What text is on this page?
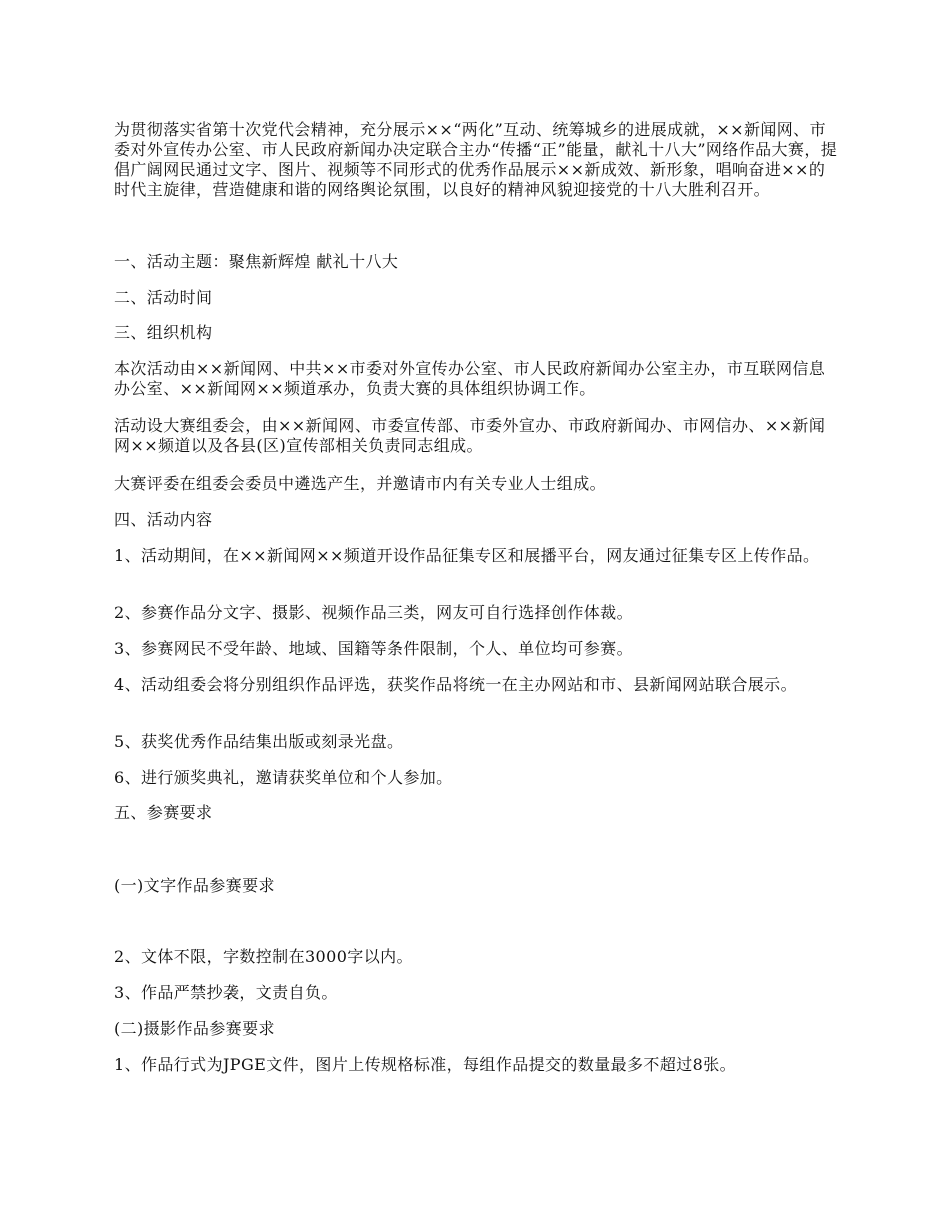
为贯彻落实省第十次党代会精神，充分展示××“两化”互动、统筹城乡的进展成就，××新闻网、市委对外宣传办公室、市人民政府新闻办决定联合主办“传播“正”能量，献礼十八大”网络作品大赛，提倡广阔网民通过文字、图片、视频等不同形式的优秀作品展示××新成效、新形象，唱响奋进××的时代主旋律，营造健康和谐的网络舆论氛围，以良好的精神风貌迎接党的十八大胜利召开。

一、活动主题：聚焦新辉煌 献礼十八大

二、活动时间

三、组织机构

本次活动由××新闻网、中共××市委对外宣传办公室、市人民政府新闻办公室主办，市互联网信息办公室、××新闻网××频道承办，负责大赛的具体组织协调工作。

活动设大赛组委会，由××新闻网、市委宣传部、市委外宣办、市政府新闻办、市网信办、××新闻网××频道以及各县(区)宣传部相关负责同志组成。

大赛评委在组委会委员中遴选产生，并邀请市内有关专业人士组成。

四、活动内容

1、活动期间，在××新闻网××频道开设作品征集专区和展播平台，网友通过征集专区上传作品。

2、参赛作品分文字、摄影、视频作品三类，网友可自行选择创作体裁。

3、参赛网民不受年龄、地域、国籍等条件限制，个人、单位均可参赛。

4、活动组委会将分别组织作品评选，获奖作品将统一在主办网站和市、县新闻网站联合展示。

5、获奖优秀作品结集出版或刻录光盘。

6、进行颁奖典礼，邀请获奖单位和个人参加。

五、参赛要求

(一)文字作品参赛要求

2、文体不限，字数控制在3000字以内。

3、作品严禁抄袭，文责自负。

(二)摄影作品参赛要求

1、作品行式为JPGE文件，图片上传规格标准，每组作品提交的数量最多不超过8张。
